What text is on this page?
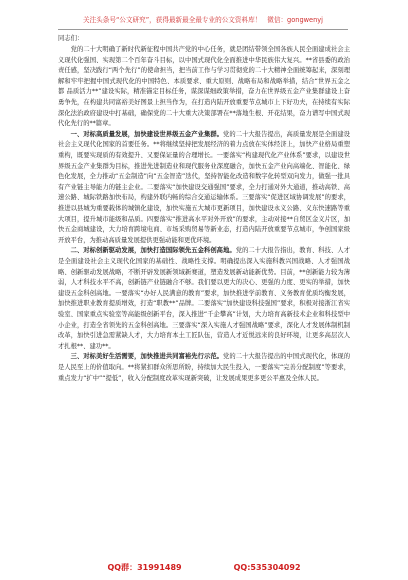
关注头条号“公文研究”，获得最新最全最专业的公文资料库！ 微信：gongwenyj

同志们：

党的二十大明确了新时代新征程中国共产党的中心任务，就是团结带领全国各族人民全面建成社会主义现代化强国、实现第二个百年奋斗目标，以中国式现代化全面推进中华民族伟大复兴。**省县委的政治责任感，坚决践行“两个先行”的使命担当，把当前工作与学习贯彻党的二十大精神全面统筹起来，深刻理解和牢牢把握中国式现代化的中国特色、本质要求、重大原则、战略布局和战略举措，结合“世界五金之都 品质活力**”建设实际，精准锚定目标任务，谋深谋细政策举措，奋力在世界级五金产业集群建设上奋勇争先，在构建共同富裕美好图景上担当作为，在打造内陆开放重要节点城市上下好功夫，在持续有实际深化法治政府建设中打基础，确保党的二十大重大决策部署在**落地生根、开花结果，奋力谱写中国式现代化先行的**篇章。

一、对标高质量发展，加快建设世界级五金产业集群。党的二十大报告提出，高质量发展是全面建设社会主义现代化国家的首要任务。**将继续坚持把发展经济的着力点放在实体经济上，加快产业格局重塑重构，既要实现质的有效提升、又要保证量的合理增长。一要落实“构建现代化产业体系”要求，以建设世界级五金产业集群为目标，推进先进制造业和现代服务业深度融合，加快五金产业向高端化、智能化、绿色化发展，全力推动“五金制造”向“五金智造”迭代，坚持智能化改造和数字化转型双向发力，做强一批具有产业链主导能力的链主企业。二要落实“加快建设交通强国”要求，全力打通对外大通道，推动高铁、高速公路、城际铁路加快布局，构建外联内畅的综合交通运输体系。三要落实“促进区域协调发展”的要求，推进以县城为重要载体的城镇化建设，加快实施五大城市更新项目，加快建设永义公路、义东快速路等重大项目，提升城市能级和品质。四要落实“推进高水平对外开放”的要求，主动对接**自贸区金义片区，加快五金商城建设，大力培育跨境电商、市场采购贸易等新业态，打造内陆开放重要节点城市，争创国家级开放平台，为推动高质量发展提供更强动能和更优环境。

二、对标创新驱动发展，加快打造国际领先五金科创高地。党的二十大报告指出，教育、科技、人才是全面建设社会主义现代化国家的基础性、战略性支撑。明确提出深入实施科教兴国战略、人才强国战略、创新驱动发展战略，不断开辟发展新领域新赛道，塑造发展新动能新优势。目前，**创新能力较为薄弱，人才科技水平不高，创新链产业链融合不够。我们要以更大的决心、更强的力度、更实的举措，加快建设五金科创高地。一要落实“办好人民满意的教育”要求，加快推进学前教育、义务教育优质均衡发展，加快推进职业教育提质增效，打造“职教**”品牌。二要落实“加快建设科技强国”要求，积极对接浙江省实验室、国家重点实验室等高能级创新平台，深入推进“千企攀高”计划，大力培育高新技术企业和科技型中小企业，打造全省领先的五金科创高地。三要落实“深入实施人才强国战略”要求，深化人才发展体制机制改革，加快引进急需紧缺人才，大力培育本土工匠队伍，营造人才近悦远来的良好环境，让更多高层次人才扎根**、建功**。

三、对标美好生活需要，加快推进共同富裕先行示范。党的二十大报告提出的中国式现代化，体现的是人民至上的价值取向。**将紧扣群众所思所盼，持续加大民生投入，一要落实“完善分配制度”等要求，重点发力“扩中”“提低”，收入分配制度改革实现新突破，让发展成果更多更公平惠及全体人民。

QQ群：31991489	QQ:535304092
